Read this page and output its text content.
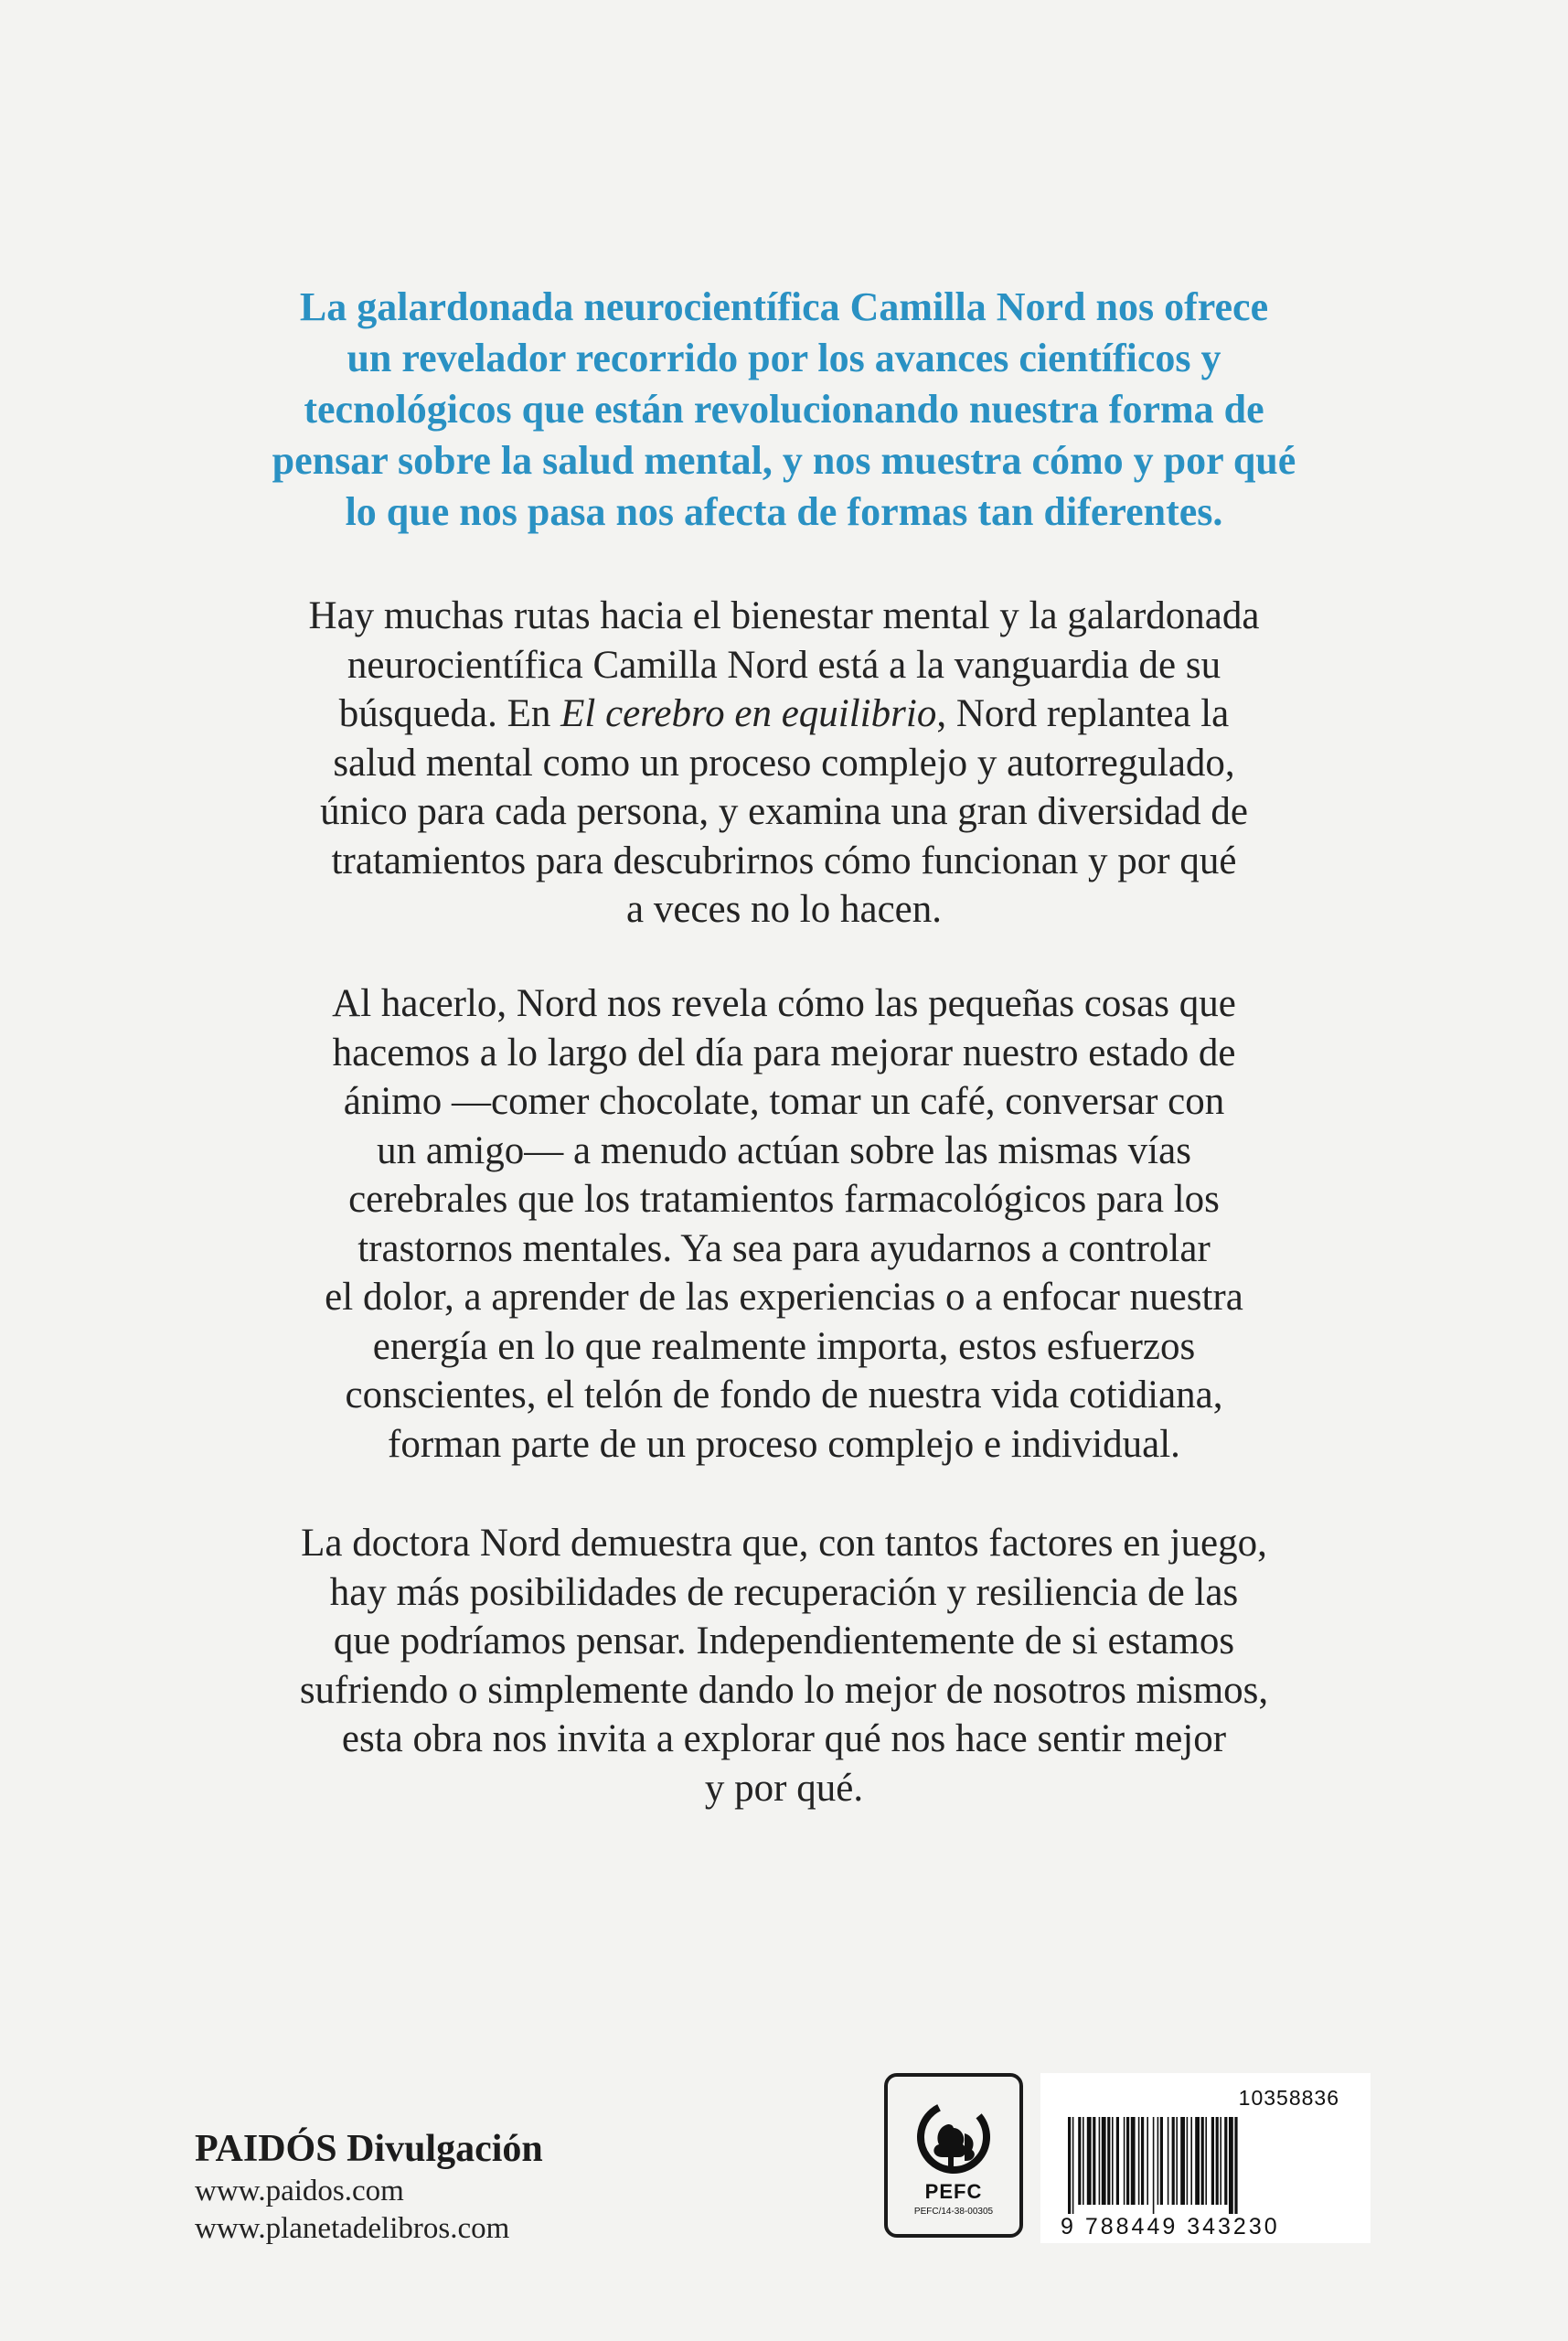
La galardonada neurocientífica Camilla Nord nos ofrece
un revelador recorrido por los avances científicos y
tecnológicos que están revolucionando nuestra forma de
pensar sobre la salud mental, y nos muestra cómo y por qué
lo que nos pasa nos afecta de formas tan diferentes.
Hay muchas rutas hacia el bienestar mental y la galardonada
neurocientífica Camilla Nord está a la vanguardia de su
búsqueda. En El cerebro en equilibrio, Nord replantea la
salud mental como un proceso complejo y autorregulado,
único para cada persona, y examina una gran diversidad de
tratamientos para descubrirnos cómo funcionan y por qué
a veces no lo hacen.
Al hacerlo, Nord nos revela cómo las pequeñas cosas que
hacemos a lo largo del día para mejorar nuestro estado de
ánimo —comer chocolate, tomar un café, conversar con
un amigo— a menudo actúan sobre las mismas vías
cerebrales que los tratamientos farmacológicos para los
trastornos mentales. Ya sea para ayudarnos a controlar
el dolor, a aprender de las experiencias o a enfocar nuestra
energía en lo que realmente importa, estos esfuerzos
conscientes, el telón de fondo de nuestra vida cotidiana,
forman parte de un proceso complejo e individual.
La doctora Nord demuestra que, con tantos factores en juego,
hay más posibilidades de recuperación y resiliencia de las
que podríamos pensar. Independientemente de si estamos
sufriendo o simplemente dando lo mejor de nosotros mismos,
esta obra nos invita a explorar qué nos hace sentir mejor
y por qué.
PAIDÓS Divulgación
www.paidos.com
www.planetadelibros.com
PEFC
PEFC/14-38-00305
10358836
9 788449 343230
